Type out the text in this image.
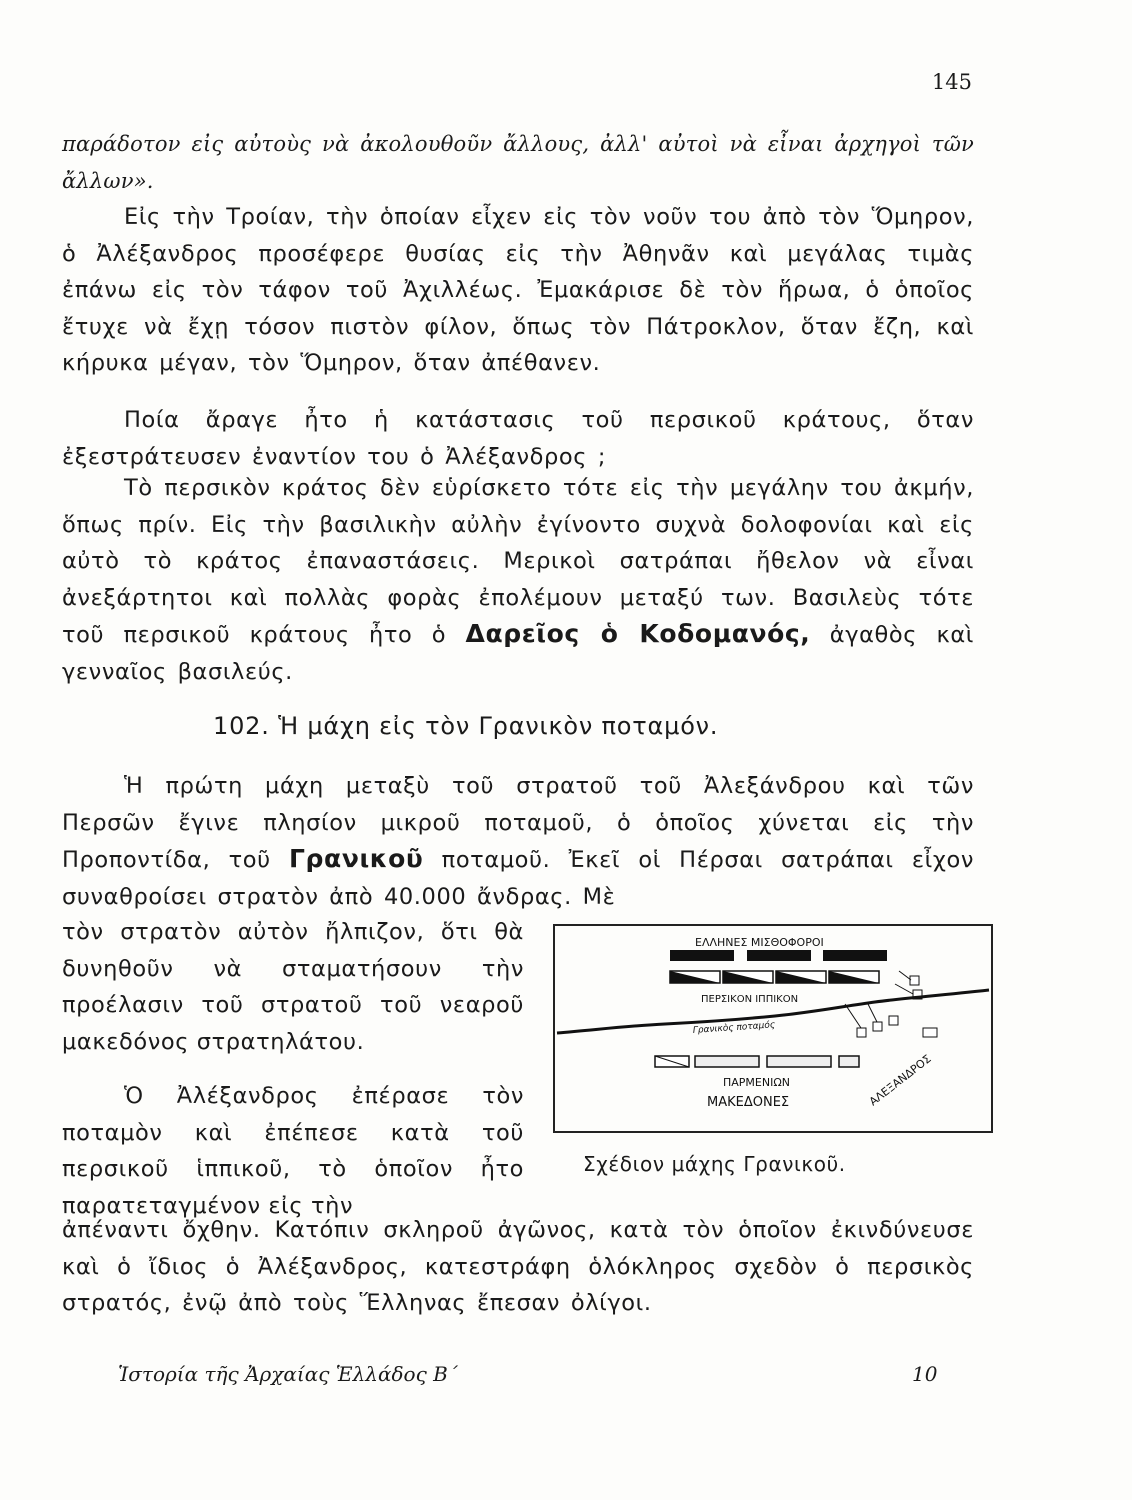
145

παράδοτον εἰς αὐτοὺς νὰ ἀκολουθοῦν ἄλλους, ἀλλ' αὐτοὶ νὰ εἶναι ἀρχηγοὶ τῶν ἄλλων».

Εἰς τὴν Τροίαν, τὴν ὁποίαν εἶχεν εἰς τὸν νοῦν του ἀπὸ τὸν Ὅμηρον, ὁ Ἀλέξανδρος προσέφερε θυσίας εἰς τὴν Ἀθηνᾶν καὶ μεγάλας τιμὰς ἐπάνω εἰς τὸν τάφον τοῦ Ἀχιλλέως. Ἐμακάρισε δὲ τὸν ἥρωα, ὁ ὁποῖος ἔτυχε νὰ ἔχῃ τόσον πιστὸν φίλον, ὅπως τὸν Πάτροκλον, ὅταν ἔζη, καὶ κήρυκα μέγαν, τὸν Ὅμηρον, ὅταν ἀπέθανεν.

Ποία ἄραγε ἦτο ἡ κατάστασις τοῦ περσικοῦ κράτους, ὅταν ἐξεστράτευσεν ἐναντίον του ὁ Ἀλέξανδρος ;

Τὸ περσικὸν κράτος δὲν εὑρίσκετο τότε εἰς τὴν μεγάλην του ἀκμήν, ὅπως πρίν. Εἰς τὴν βασιλικὴν αὐλὴν ἐγίνοντο συχνὰ δολοφονίαι καὶ εἰς αὐτὸ τὸ κράτος ἐπαναστάσεις. Μερικοὶ σατράπαι ἤθελον νὰ εἶναι ἀνεξάρτητοι καὶ πολλὰς φορὰς ἐπολέμουν μεταξύ των. Βασιλεὺς τότε τοῦ περσικοῦ κράτους ἦτο ὁ Δαρεῖος ὁ Κοδομανός, ἀγαθὸς καὶ γενναῖος βασιλεύς.

102. Ἡ μάχη εἰς τὸν Γρανικὸν ποταμόν.

Ἡ πρώτη μάχη μεταξὺ τοῦ στρατοῦ τοῦ Ἀλεξάνδρου καὶ τῶν Περσῶν ἔγινε πλησίον μικροῦ ποταμοῦ, ὁ ὁποῖος χύνεται εἰς τὴν Προποντίδα, τοῦ Γρανικοῦ ποταμοῦ. Ἐκεῖ οἱ Πέρσαι σατράπαι εἶχον συναθροίσει στρατὸν ἀπὸ 40.000 ἄνδρας. Μὲ

τὸν στρατὸν αὐτὸν ἤλπιζον, ὅτι θὰ δυνηθοῦν νὰ σταματήσουν τὴν προέλασιν τοῦ στρατοῦ τοῦ νεαροῦ μακεδόνος στρατηλάτου.

Ὁ Ἀλέξανδρος ἐπέρασε τὸν ποταμὸν καὶ ἐπέπεσε κατὰ τοῦ περσικοῦ ἱππικοῦ, τὸ ὁποῖον ἦτο παρατεταγμένον εἰς τὴν

ΕΛΛΗΝΕΣ ΜΙΣΘΟΦΟΡΟΙ
ΠΕΡΣΙΚΟΝ ΙΠΠΙΚΟΝ
Γρανικὸς ποταμός
ΠΑΡΜΕΝΙΩΝ
ΜΑΚΕΔΟΝΕΣ	ΑΛΕΞΑΝΔΡΟΣ

Σχέδιον μάχης Γρανικοῦ.

ἀπέναντι ὄχθην. Κατόπιν σκληροῦ ἀγῶνος, κατὰ τὸν ὁποῖον ἐκινδύνευσε καὶ ὁ ἴδιος ὁ Ἀλέξανδρος, κατεστράφη ὁλόκληρος σχεδὸν ὁ περσικὸς στρατός, ἐνῷ ἀπὸ τοὺς Ἕλληνας ἔπεσαν ὀλίγοι.

Ἱστορία τῆς Ἀρχαίας Ἑλλάδος Β΄	10
